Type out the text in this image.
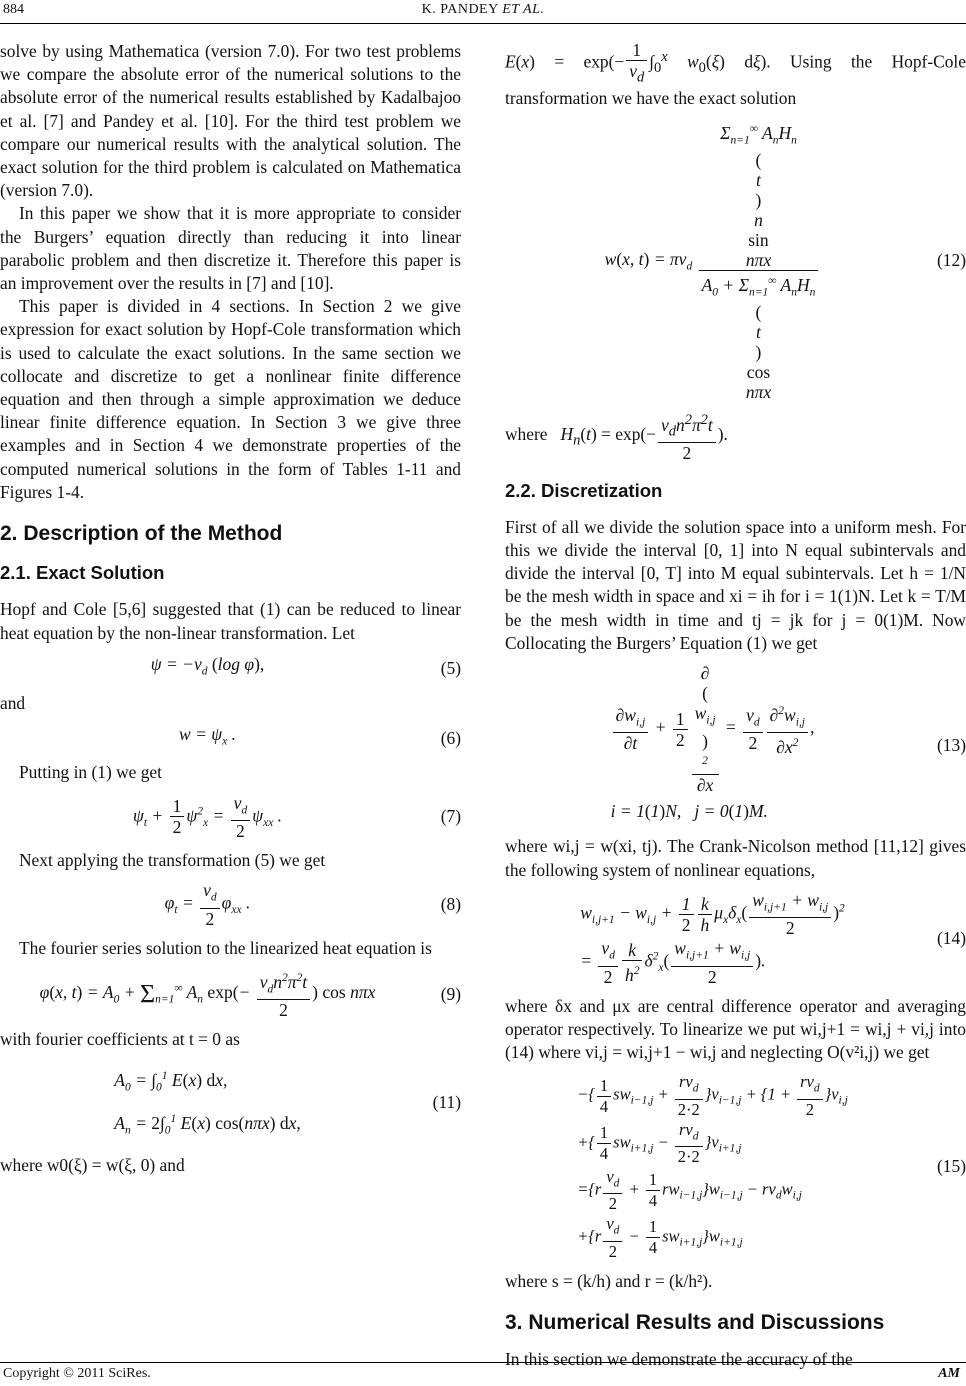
884	K. PANDEY ET AL.

solve by using Mathematica (version 7.0). For two test problems we compare the absolute error of the numerical solutions to the absolute error of the numerical results established by Kadalbajoo et al. [7] and Pandey et al. [10]. For the third test problem we compare our numerical results with the analytical solution. The exact solution for the third problem is calculated on Mathematica (version 7.0).

In this paper we show that it is more appropriate to consider the Burgers’ equation directly than reducing it into linear parabolic problem and then discretize it. Therefore this paper is an improvement over the results in [7] and [10].

This paper is divided in 4 sections. In Section 2 we give expression for exact solution by Hopf-Cole transformation which is used to calculate the exact solutions. In the same section we collocate and discretize to get a nonlinear finite difference equation and then through a simple approximation we deduce linear finite difference equation. In Section 3 we give three examples and in Section 4 we demonstrate properties of the computed numerical solutions in the form of Tables 1-11 and Figures 1-4.

2. Description of the Method
2.1. Exact Solution

Hopf and Cole [5,6] suggested that (1) can be reduced to linear heat equation by the non-linear transformation. Let

$\psi = -\nu_d$ (log φ),	(5)

and

$w = \psi_x$ .	(6)

Putting in (1) we get

$\psi_t + \frac{1}{2} \psi^2_x = \frac{\nu_d}{2} \psi_{xx}$ .	(7)

Next applying the transformation (5) we get

$\varphi_t = \frac{\nu_d}{2} \varphi_{xx}$ .	(8)

The fourier series solution to the linearized heat equation is

φ(x, $t) = A_0 + \Sigma_{n=1}^\infty$ $A_n$ $\exp(- \frac{\nu_dn^2\pi^2t}{2}$ ) cos nπx	(9)

with fourier coefficients at t = 0 as

$A_0 = \int_0^1$ E(x) dx,
$A_n = 2\int_0^1$ E(x) cos(nπx) dx,
(11)

where w0(ξ) = w(ξ, 0) and

$E(x) = \exp(- \frac{1}{\nu_d} \int_0^x$ $w_0(\xi)$ dξ). Using the Hopf-Cole transformation we have the exact solution

w(x, $t) = \pi\nu_d$ $\Sigma_{n=1}^\infty$ $A_nH_n$
(
t
)
n
sin
nπx
$A_0 + \Sigma_{n=1}^\infty$ $A_nH_n$
(
t
)
cos
nπx	(12)

where $H_n(t) = \exp(- \frac{\nu_dn^2\pi^2t}{2}$ ).

2.2. Discretization

First of all we divide the solution space into a uniform mesh. For this we divide the interval [0, 1] into N equal subintervals and divide the interval [0, T] into M equal subintervals. Let h = 1/N be the mesh width in space and xi = ih for i = 1(1)N. Let k = T/M be the mesh width in time and tj = jk for j = 0(1)M. Now Collocating the Burgers’ Equation (1) we get

$\frac{\partial w_{i,j}}{\partial t} + \frac{1}{2}$ ∂
(
$w_{i,j}$
)
$^2$
$\partial x = \frac{\nu_d}{2} \frac{\partial^2w_{i,j}}{\partial x^2}$ ,
i = 1(1)N,   j = 0(1)M.
(13)

where wi,j = w(xi, tj). The Crank-Nicolson method [11,12] gives the following system of nonlinear equations,

$w_{i,j+1} - w_{i,j} + \frac{1}{2} \frac{k}{h} \mu_x\delta_x( \frac{w_{i,j+1} + w_{i,j}}{2} )^2$
= $\frac{\nu_d}{2} \frac{k}{h^2} \delta^2_x( \frac{w_{i,j+1} + w_{i,j}}{2}$ ).
(14)

where δx and μx are central difference operator and averaging operator respectively. To linearize we put wi,j+1 = wi,j + vi,j into (14) where vi,j = wi,j+1 − wi,j and neglecting O(v²i,j) we get

−{ $\frac{1}{4} sw_{i-1,j} + \frac{r\nu_d}{2\cdot 2} \}v_{i-1,j} + \{1 + \frac{r\nu_d}{2} \}v_{i,j}$
+{ $\frac{1}{4} sw_{i+1,j} - \frac{r\nu_d}{2\cdot 2} \}v_{i+1,j}$
$=\{r \frac{\nu_d}{2} + \frac{1}{4} rw_{i-1,j}\}w_{i-1,j} - r\nu_dw_{i,j}$
$+\{r \frac{\nu_d}{2} - \frac{1}{4} sw_{i+1,j}\}w_{i+1,j}$
(15)

where s = (k/h) and r = (k/h²).

3. Numerical Results and Discussions

In this section we demonstrate the accuracy of the

Copyright © 2011 SciRes.	AM
